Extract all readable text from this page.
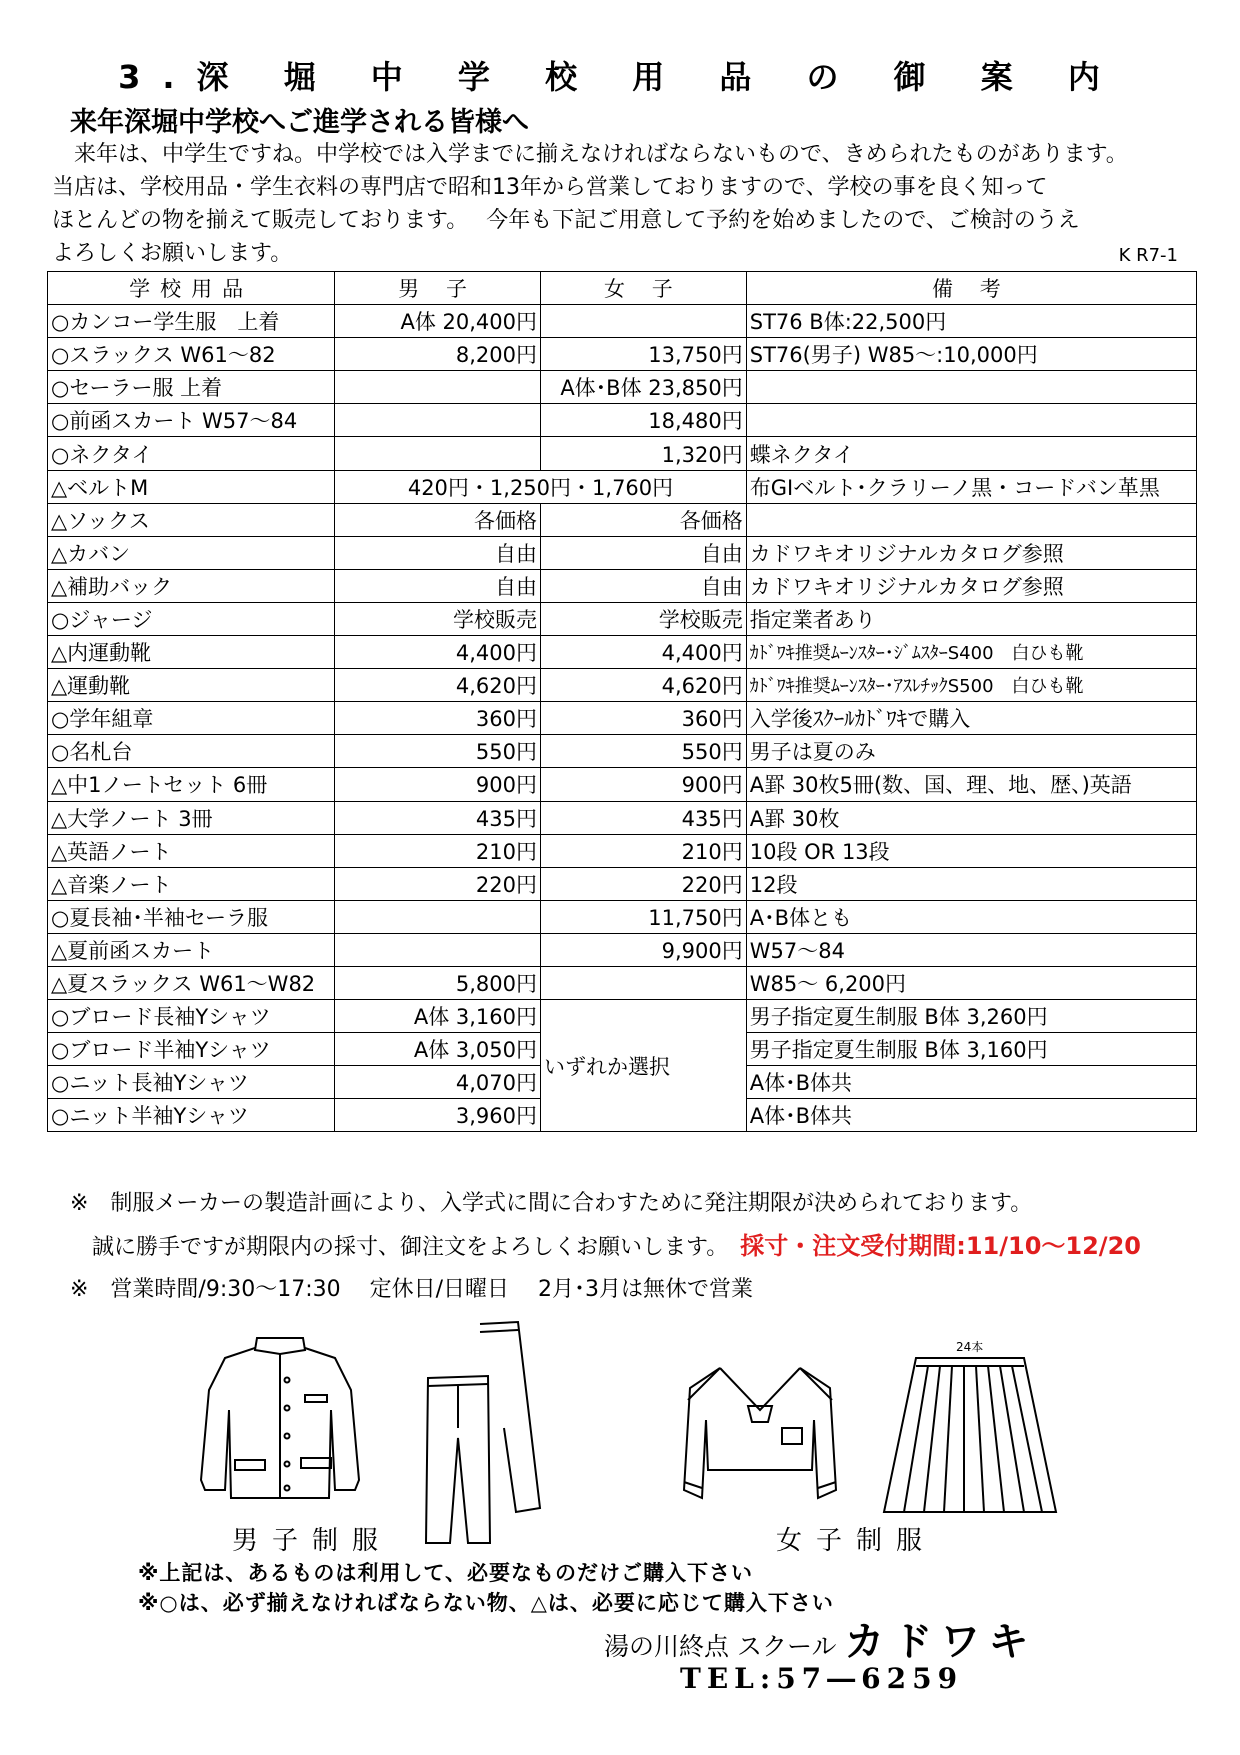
3.深 堀 中 学 校 用 品 の 御 案 内
来年深堀中学校へご進学される皆様へ

　来年は、中学生ですね。中学校では入学までに揃えなければならないもので、きめられたものがあります。

当店は、学校用品・学生衣料の専門店で昭和13年から営業しておりますので、学校の事を良く知って

ほとんどの物を揃えて販売しております。　 今年も下記ご用意して予約を始めましたので、ご検討のうえ

よろしくお願いします。	K R7-1
学校用品	男 子	女 子	備 考
○カンコー学生服　上着	A体 20,400円		ST76 B体:22,500円
○スラックス W61～82	8,200円	13,750円	ST76(男子) W85～:10,000円
○セーラー服 上着		A体･B体 23,850円	
○前函スカート W57～84		18,480円	
○ネクタイ		1,320円	蝶ネクタイ
△ベルトM	420円・1,250円・1,760円		布GIベルト･クラリーノ黒・コードバン革黒
△ソックス	各価格	各価格	
△カバン	自由	自由	カドワキオリジナルカタログ参照
△補助バック	自由	自由	カドワキオリジナルカタログ参照
○ジャージ	学校販売	学校販売	指定業者あり
△内運動靴	4,400円	4,400円	ｶﾄﾞﾜｷ推奨ﾑｰﾝｽﾀｰ･ｼﾞﾑｽﾀｰS400　白ひも靴
△運動靴	4,620円	4,620円	ｶﾄﾞﾜｷ推奨ﾑｰﾝｽﾀｰ･ｱｽﾚﾁｯｸS500　白ひも靴
○学年組章	360円	360円	入学後ｽｸｰﾙｶﾄﾞﾜｷで購入
○名札台	550円	550円	男子は夏のみ
△中1ノートセット 6冊	900円	900円	A罫 30枚5冊(数、国、理、地、歴、)英語
△大学ノート 3冊	435円	435円	A罫 30枚
△英語ノート	210円	210円	10段 OR 13段
△音楽ノート	220円	220円	12段
○夏長袖･半袖セーラ服		11,750円	A･B体とも
△夏前函スカート		9,900円	W57～84
△夏スラックス W61～W82	5,800円		W85～ 6,200円
○ブロード長袖Yシャツ	A体 3,160円	いずれか選択	男子指定夏生制服 B体 3,260円
○ブロード半袖Yシャツ	A体 3,050円		男子指定夏生制服 B体 3,160円
○ニット長袖Yシャツ	4,070円		A体･B体共
○ニット半袖Yシャツ	3,960円		A体･B体共

※　制服メーカーの製造計画により、入学式に間に合わすために発注期限が決められております。

　誠に勝手ですが期限内の採寸、御注文をよろしくお願いします。 採寸・注文受付期間:11/10～12/20

※　営業時間/9:30～17:30　 定休日/日曜日　 2月･3月は無休で営業

24本
男子制服	女子制服

※上記は、あるものは利用して、必要なものだけご購入下さい

※○は、必ず揃えなければならない物、△は、必要に応じて購入下さい

湯の川終点 スクール カドワキ
TEL:57―6259
